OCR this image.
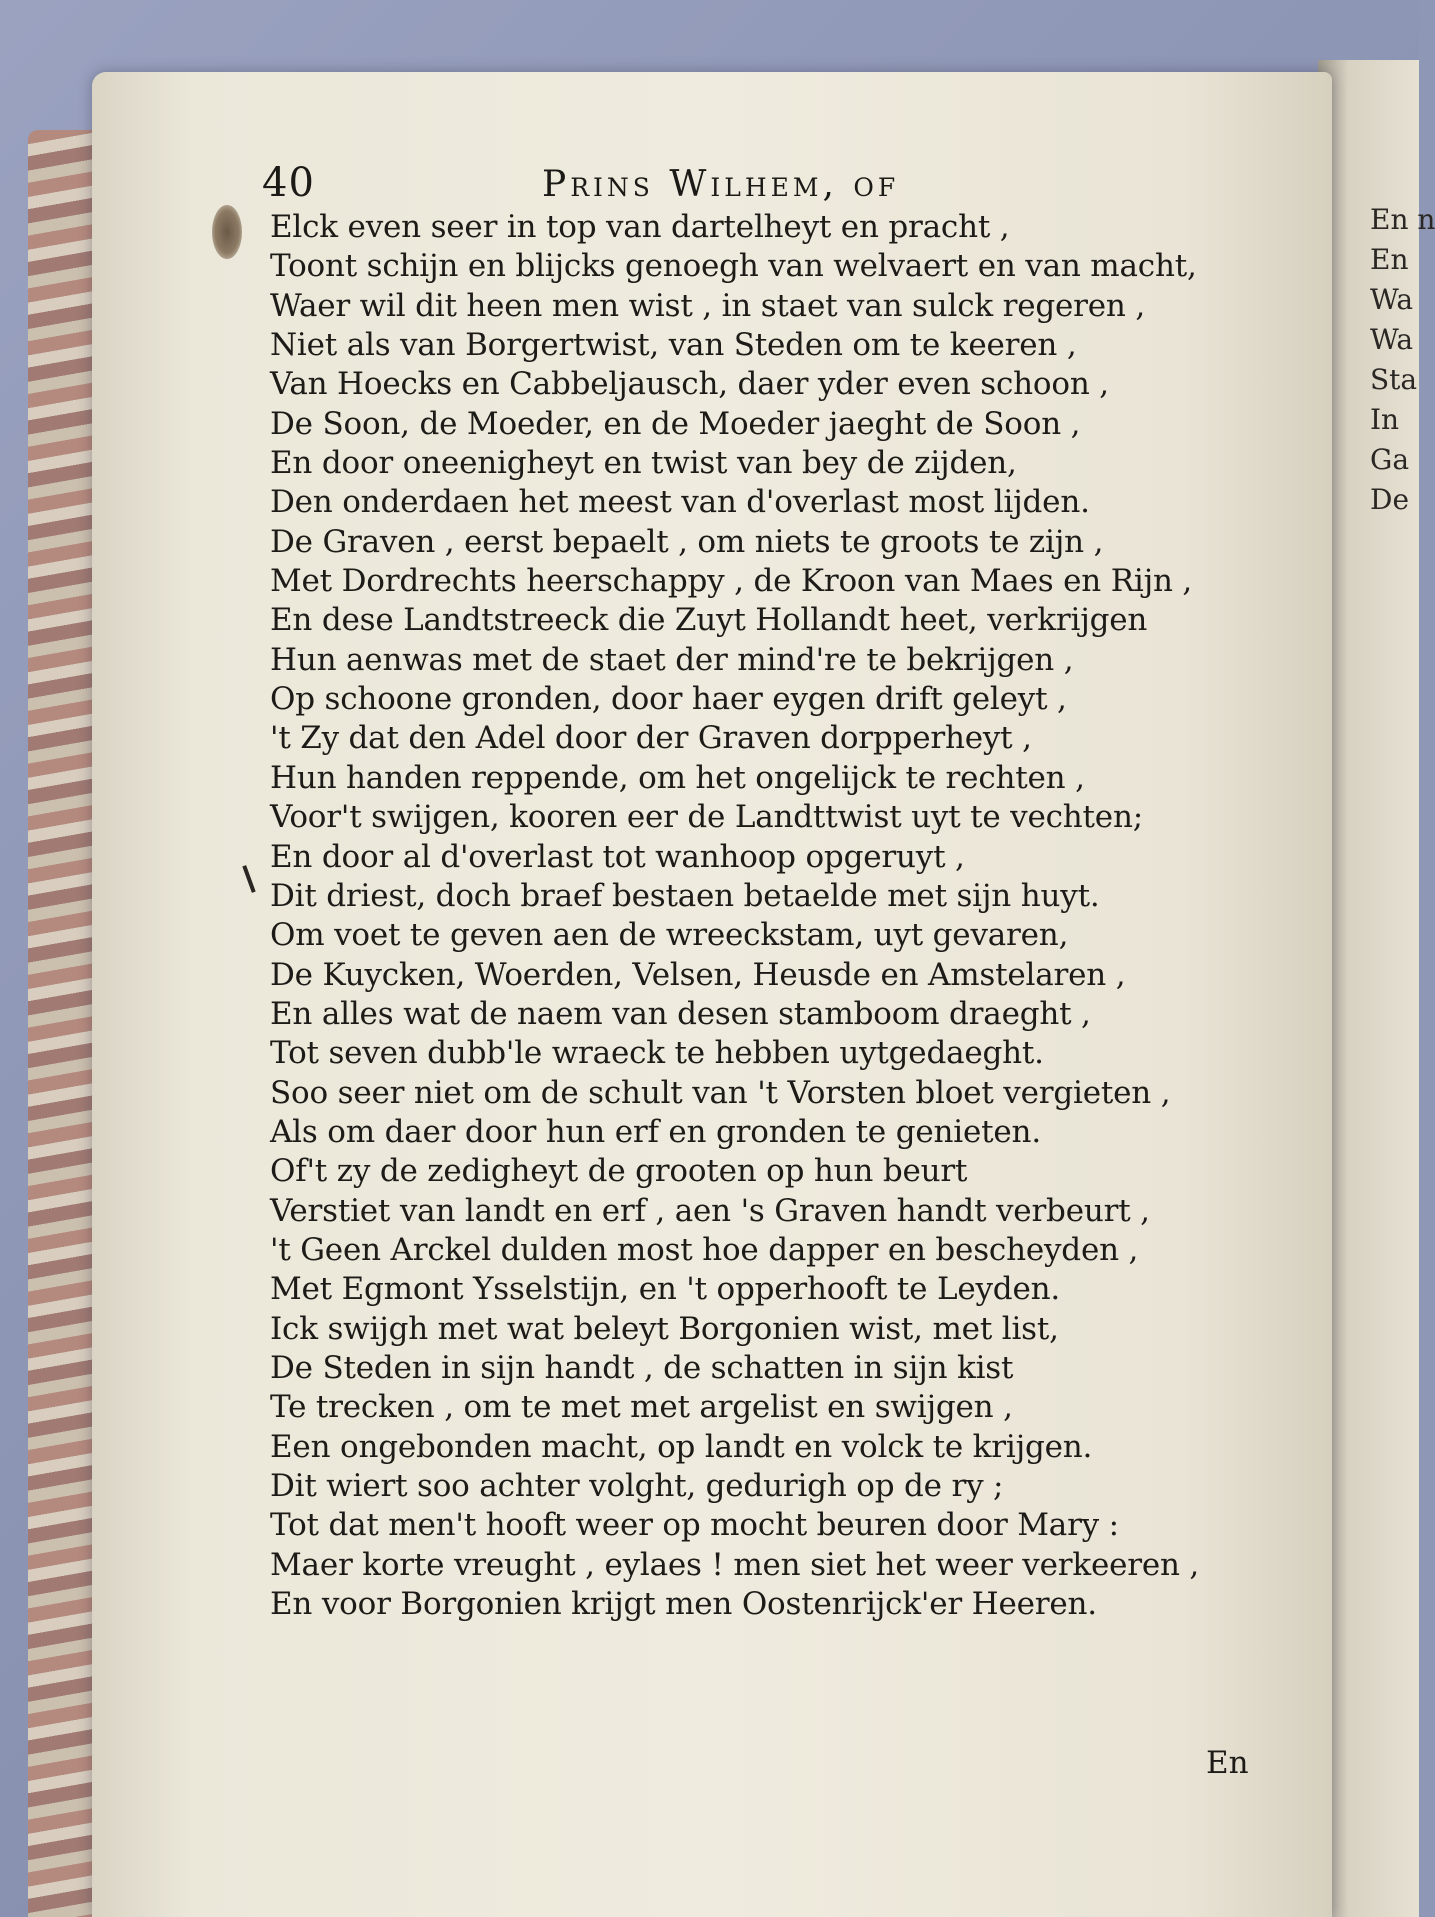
En n
En
Wa
Wa
Sta
In
Ga
De
40	Prins Wilhem, of
Elck even seer in top van dartelheyt en pracht ,
Toont schijn en blijcks genoegh van welvaert en van macht,
Waer wil dit heen men wist , in staet van sulck regeren ,
Niet als van Borgertwist, van Steden om te keeren ,
Van Hoecks en Cabbeljausch, daer yder even schoon ,
De Soon, de Moeder, en de Moeder jaeght de Soon ,
En door oneenigheyt en twist van bey de zijden,
Den onderdaen het meest van d'overlast most lijden.
De Graven , eerst bepaelt , om niets te groots te zijn ,
Met Dordrechts heerschappy , de Kroon van Maes en Rijn ,
En dese Landtstreeck die Zuyt Hollandt heet, verkrijgen
Hun aenwas met de staet der mind're te bekrijgen ,
Op schoone gronden, door haer eygen drift geleyt ,
't Zy dat den Adel door der Graven dorpperheyt ,
Hun handen reppende, om het ongelijck te rechten ,
Voor't swijgen, kooren eer de Landttwist uyt te vechten;
En door al d'overlast tot wanhoop opgeruyt ,
Dit driest, doch braef bestaen betaelde met sijn huyt.
Om voet te geven aen de wreeckstam, uyt gevaren,
De Kuycken, Woerden, Velsen, Heusde en Amstelaren ,
En alles wat de naem van desen stamboom draeght ,
Tot seven dubb'le wraeck te hebben uytgedaeght.
Soo seer niet om de schult van 't Vorsten bloet vergieten ,
Als om daer door hun erf en gronden te genieten.
Of't zy de zedigheyt de grooten op hun beurt
Verstiet van landt en erf , aen 's Graven handt verbeurt ,
't Geen Arckel dulden most hoe dapper en bescheyden ,
Met Egmont Ysselstijn, en 't opperhooft te Leyden.
Ick swijgh met wat beleyt Borgonien wist, met list,
De Steden in sijn handt , de schatten in sijn kist
Te trecken , om te met met argelist en swijgen ,
Een ongebonden macht, op landt en volck te krijgen.
Dit wiert soo achter volght, gedurigh op de ry ;
Tot dat men't hooft weer op mocht beuren door Mary :
Maer korte vreught , eylaes ! men siet het weer verkeeren ,
En voor Borgonien krijgt men Oostenrijck'er Heeren.
En
